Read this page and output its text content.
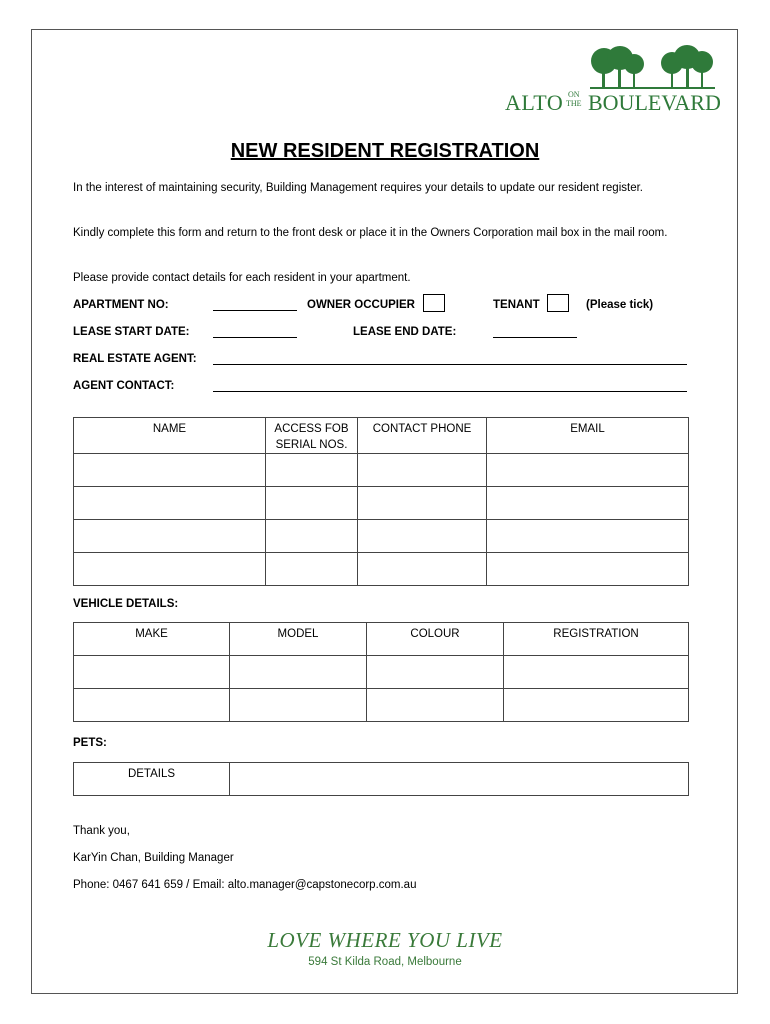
ALTO ON
THE BOULEVARD
NEW RESIDENT REGISTRATION
In the interest of maintaining security, Building Management requires your details to update our resident register.
Kindly complete this form and return to the front desk or place it in the Owners Corporation mail box in the mail room.
Please provide contact details for each resident in your apartment.
APARTMENT NO:	OWNER OCCUPIER	TENANT	(Please tick)
LEASE START DATE:	LEASE END DATE:
REAL ESTATE AGENT:
AGENT CONTACT:
NAME	ACCESS FOB SERIAL NOS.	CONTACT PHONE	EMAIL

VEHICLE DETAILS:
MAKE	MODEL	COLOUR	REGISTRATION

PETS:
DETAILS	
Thank you,
KarYin Chan, Building Manager
Phone: 0467 641 659 / Email: alto.manager@capstonecorp.com.au
LOVE WHERE YOU LIVE
594 St Kilda Road, Melbourne
